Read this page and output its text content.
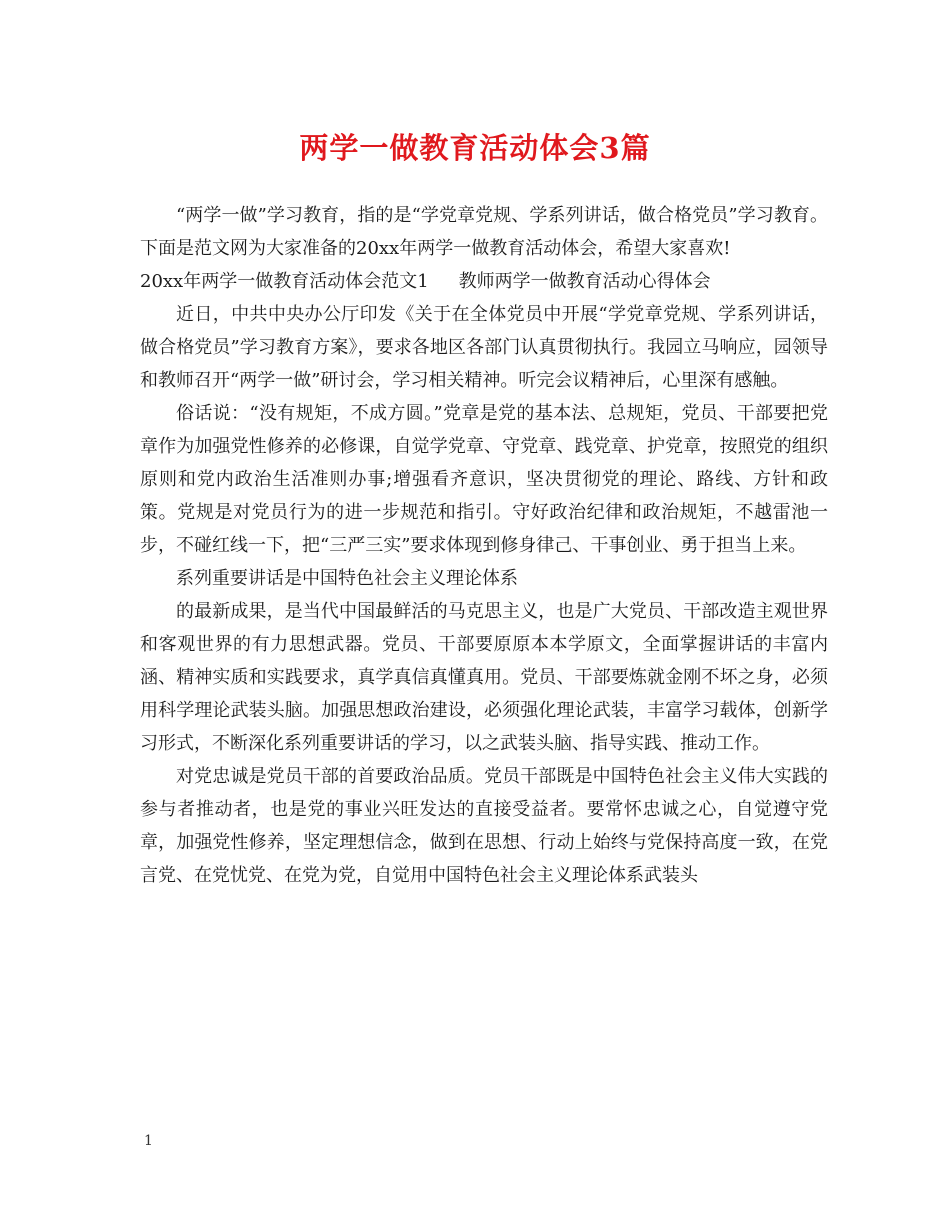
两学一做教育活动体会3篇

“两学一做”学习教育，指的是“学党章党规、学系列讲话，做合格党员”学习教育。下面是范文网为大家准备的20xx年两学一做教育活动体会，希望大家喜欢!

20xx年两学一做教育活动体会范文1 教师两学一做教育活动心得体会

近日，中共中央办公厅印发《关于在全体党员中开展“学党章党规、学系列讲话，做合格党员”学习教育方案》，要求各地区各部门认真贯彻执行。我园立马响应，园领导和教师召开“两学一做”研讨会，学习相关精神。听完会议精神后，心里深有感触。

俗话说：“没有规矩，不成方圆。”党章是党的基本法、总规矩，党员、干部要把党章作为加强党性修养的必修课，自觉学党章、守党章、践党章、护党章，按照党的组织原则和党内政治生活准则办事;增强看齐意识，坚决贯彻党的理论、路线、方针和政策。党规是对党员行为的进一步规范和指引。守好政治纪律和政治规矩，不越雷池一步，不碰红线一下，把“三严三实”要求体现到修身律己、干事创业、勇于担当上来。

系列重要讲话是中国特色社会主义理论体系

的最新成果，是当代中国最鲜活的马克思主义，也是广大党员、干部改造主观世界和客观世界的有力思想武器。党员、干部要原原本本学原文，全面掌握讲话的丰富内涵、精神实质和实践要求，真学真信真懂真用。党员、干部要炼就金刚不坏之身，必须用科学理论武装头脑。加强思想政治建设，必须强化理论武装，丰富学习载体，创新学习形式，不断深化系列重要讲话的学习，以之武装头脑、指导实践、推动工作。

对党忠诚是党员干部的首要政治品质。党员干部既是中国特色社会主义伟大实践的参与者推动者，也是党的事业兴旺发达的直接受益者。要常怀忠诚之心，自觉遵守党章，加强党性修养，坚定理想信念，做到在思想、行动上始终与党保持高度一致，在党言党、在党忧党、在党为党，自觉用中国特色社会主义理论体系武装头

1
